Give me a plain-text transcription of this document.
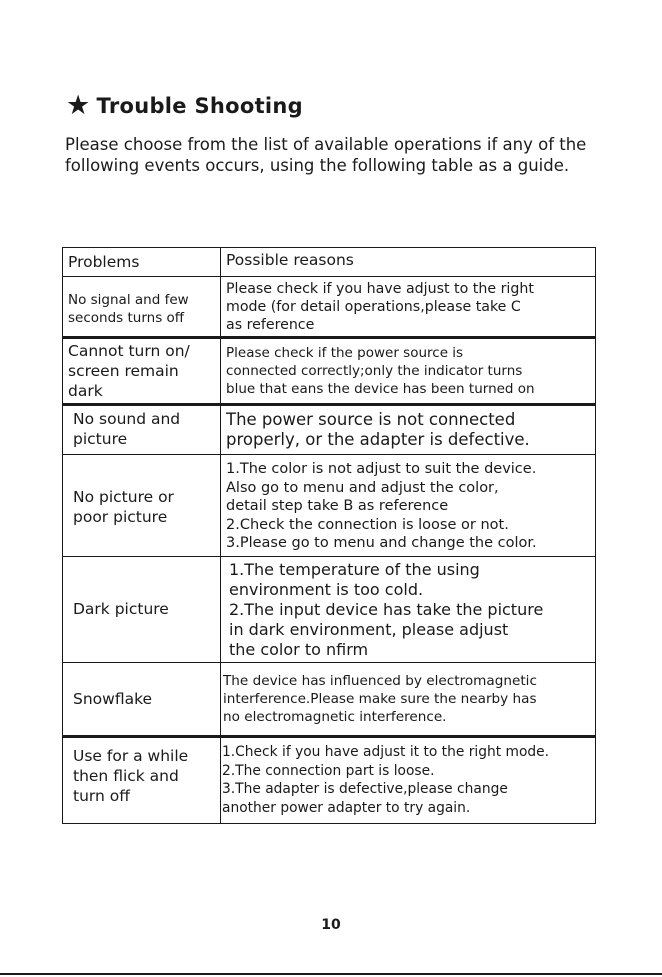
★ Trouble Shooting

Please choose from the list of available operations if any of the following events occurs, using the following table as a guide.

Problems	Possible reasons

No signal and few
seconds turns off	Please check if you have adjust to the right
mode (for detail operations,please take C
as reference

Cannot turn on/
screen remain
dark	Please check if the power source is
connected correctly;only the indicator turns
blue that eans the device has been turned on

No sound and
picture	The power source is not connected
properly, or the adapter is defective.

No picture or
poor picture	1.The color is not adjust to suit the device.
Also go to menu and adjust the color,
detail step take B as reference
2.Check the connection is loose or not.
3.Please go to menu and change the color.

Dark picture	1.The temperature of the using
environment is too cold.
2.The input device has take the picture
in dark environment, please adjust
the color to nfirm

Snowflake	The device has influenced by electromagnetic
interference.Please make sure the nearby has
no electromagnetic interference.

Use for a while
then flick and
turn off	1.Check if you have adjust it to the right mode.
2.The connection part is loose.
3.The adapter is defective,please change
another power adapter to try again.
10
